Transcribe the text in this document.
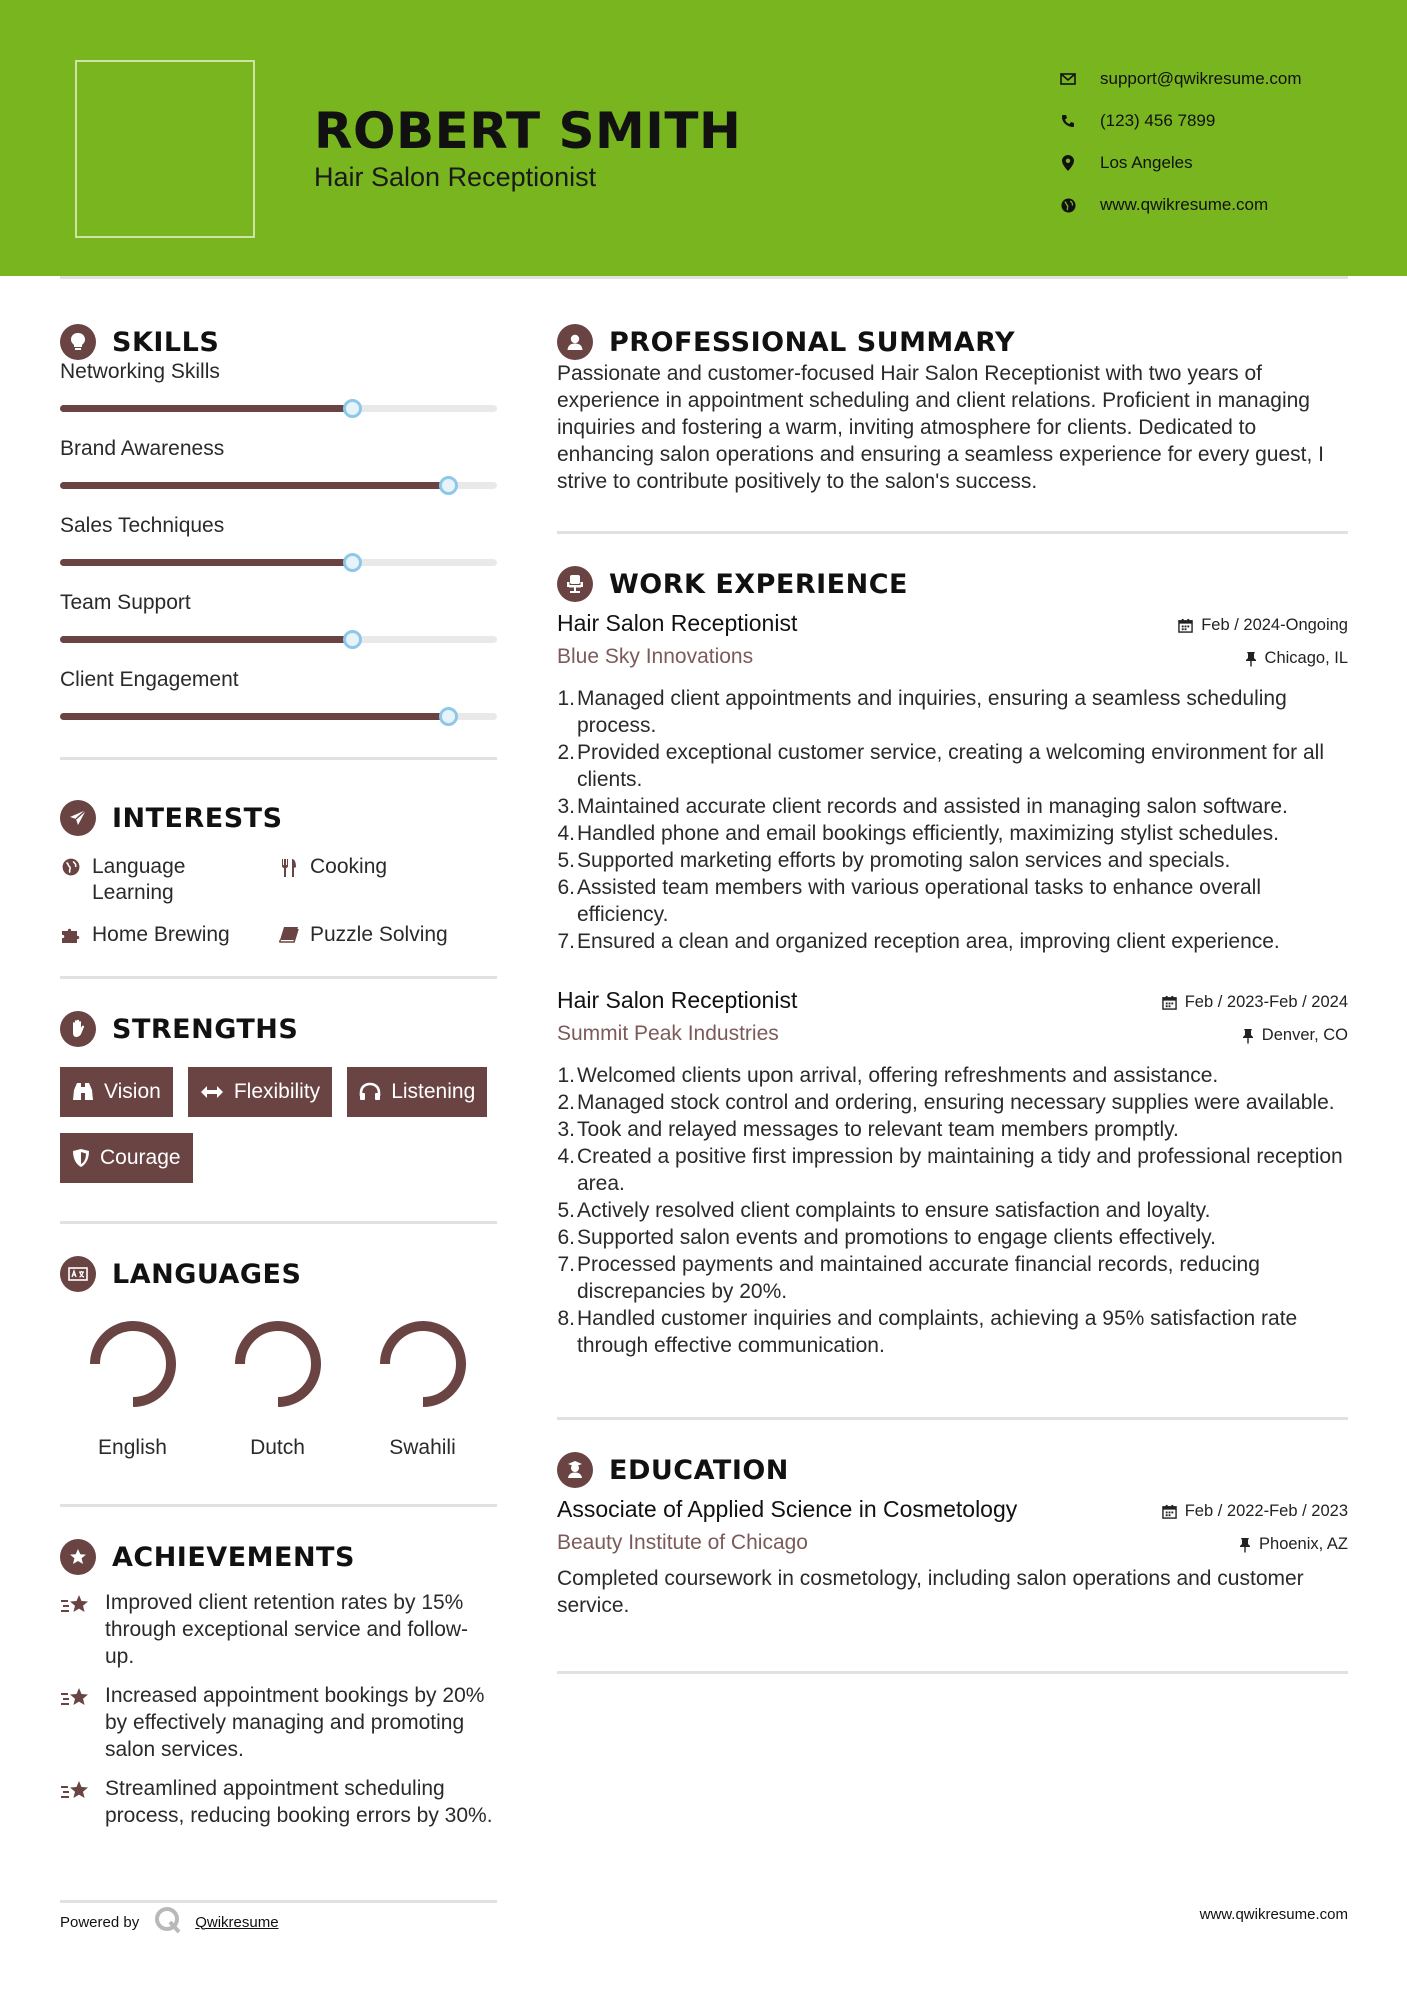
ROBERT SMITH
Hair Salon Receptionist
support@qwikresume.com
(123) 456 7899
Los Angeles
www.qwikresume.com
SKILLS
Networking Skills
Brand Awareness
Sales Techniques
Team Support
Client Engagement
INTERESTS
Language Learning
Cooking
Home Brewing	Puzzle Solving
STRENGTHS
Vision	Flexibility	Listening
Courage
LANGUAGES
English	Dutch	Swahili
ACHIEVEMENTS
Improved client retention rates by 15% through exceptional service and follow-up.
Increased appointment bookings by 20% by effectively managing and promoting salon services.
Streamlined appointment scheduling process, reducing booking errors by 30%.
PROFESSIONAL SUMMARY
Passionate and customer-focused Hair Salon Receptionist with two years of experience in appointment scheduling and client relations. Proficient in managing inquiries and fostering a warm, inviting atmosphere for clients. Dedicated to enhancing salon operations and ensuring a seamless experience for every guest, I strive to contribute positively to the salon's success.
WORK EXPERIENCE
Hair Salon Receptionist	Feb / 2024-Ongoing
Blue Sky Innovations	Chicago, IL
1. Managed client appointments and inquiries, ensuring a seamless scheduling process.
2. Provided exceptional customer service, creating a welcoming environment for all clients.
3. Maintained accurate client records and assisted in managing salon software.
4. Handled phone and email bookings efficiently, maximizing stylist schedules.
5. Supported marketing efforts by promoting salon services and specials.
6. Assisted team members with various operational tasks to enhance overall efficiency.
7. Ensured a clean and organized reception area, improving client experience.
Hair Salon Receptionist	Feb / 2023-Feb / 2024
Summit Peak Industries	Denver, CO
1. Welcomed clients upon arrival, offering refreshments and assistance.
2. Managed stock control and ordering, ensuring necessary supplies were available.
3. Took and relayed messages to relevant team members promptly.
4. Created a positive first impression by maintaining a tidy and professional reception area.
5. Actively resolved client complaints to ensure satisfaction and loyalty.
6. Supported salon events and promotions to engage clients effectively.
7. Processed payments and maintained accurate financial records, reducing discrepancies by 20%.
8. Handled customer inquiries and complaints, achieving a 95% satisfaction rate through effective communication.
EDUCATION
Associate of Applied Science in Cosmetology	Feb / 2022-Feb / 2023
Beauty Institute of Chicago	Phoenix, AZ
Completed coursework in cosmetology, including salon operations and customer service.
Powered by	Qwikresume	www.qwikresume.com
